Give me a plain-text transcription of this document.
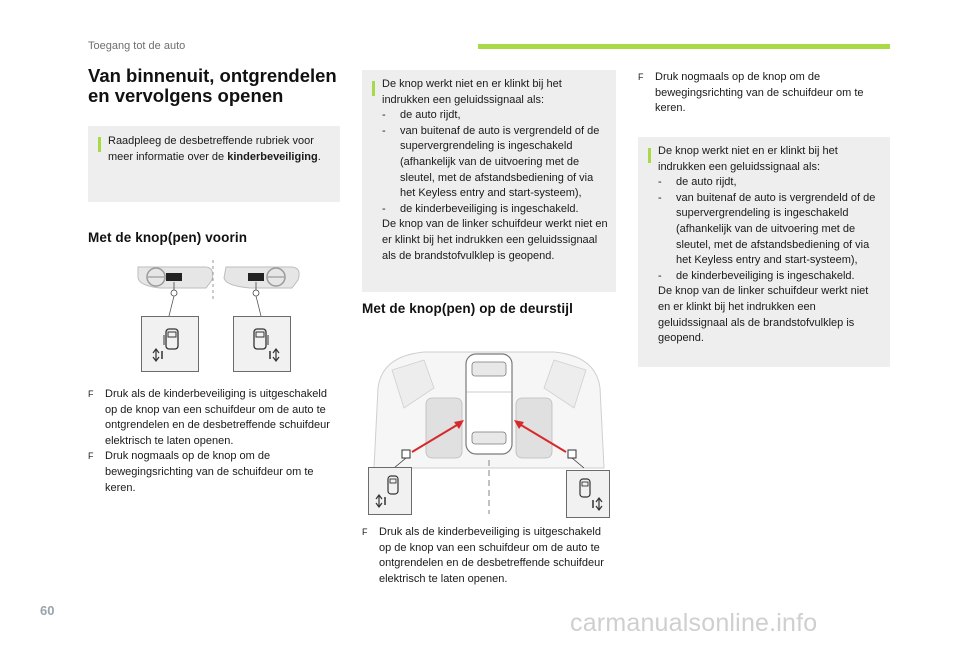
Toegang tot de auto
Van binnenuit, ontgrendelen en vervolgens openen

Raadpleeg de desbetreffende rubriek voor meer informatie over de kinderbeveiliging.

Met de knop(pen) voorin
F Druk als de kinderbeveiliging is uitgeschakeld op de knop van een schuifdeur om de auto te ontgrendelen en de desbetreffende schuifdeur elektrisch te laten openen.

F Druk nogmaals op de knop om de bewegingsrichting van de schuifdeur om te keren.

De knop werkt niet en er klinkt bij het indrukken een geluidssignaal als:

- de auto rijdt,
- van buitenaf de auto is vergrendeld of de supervergrendeling is ingeschakeld (afhankelijk van de uitvoering met de sleutel, met de afstandsbediening of via het Keyless entry and start-systeem),
- de kinderbeveiliging is ingeschakeld.

De knop van de linker schuifdeur werkt niet en er klinkt bij het indrukken een geluidssignaal als de brandstofvulklep is geopend.

Met de knop(pen) op de deurstijl
F Druk als de kinderbeveiliging is uitgeschakeld op de knop van een schuifdeur om de auto te ontgrendelen en de desbetreffende schuifdeur elektrisch te laten openen.

F Druk nogmaals op de knop om de bewegingsrichting van de schuifdeur om te keren.

De knop werkt niet en er klinkt bij het indrukken een geluidssignaal als:

- de auto rijdt,
- van buitenaf de auto is vergrendeld of de supervergrendeling is ingeschakeld (afhankelijk van de uitvoering met de sleutel, met de afstandsbediening of via het Keyless entry and start-systeem),
- de kinderbeveiliging is ingeschakeld.

De knop van de linker schuifdeur werkt niet en er klinkt bij het indrukken een geluidssignaal als de brandstofvulklep is geopend.

60	carmanualsonline.info
